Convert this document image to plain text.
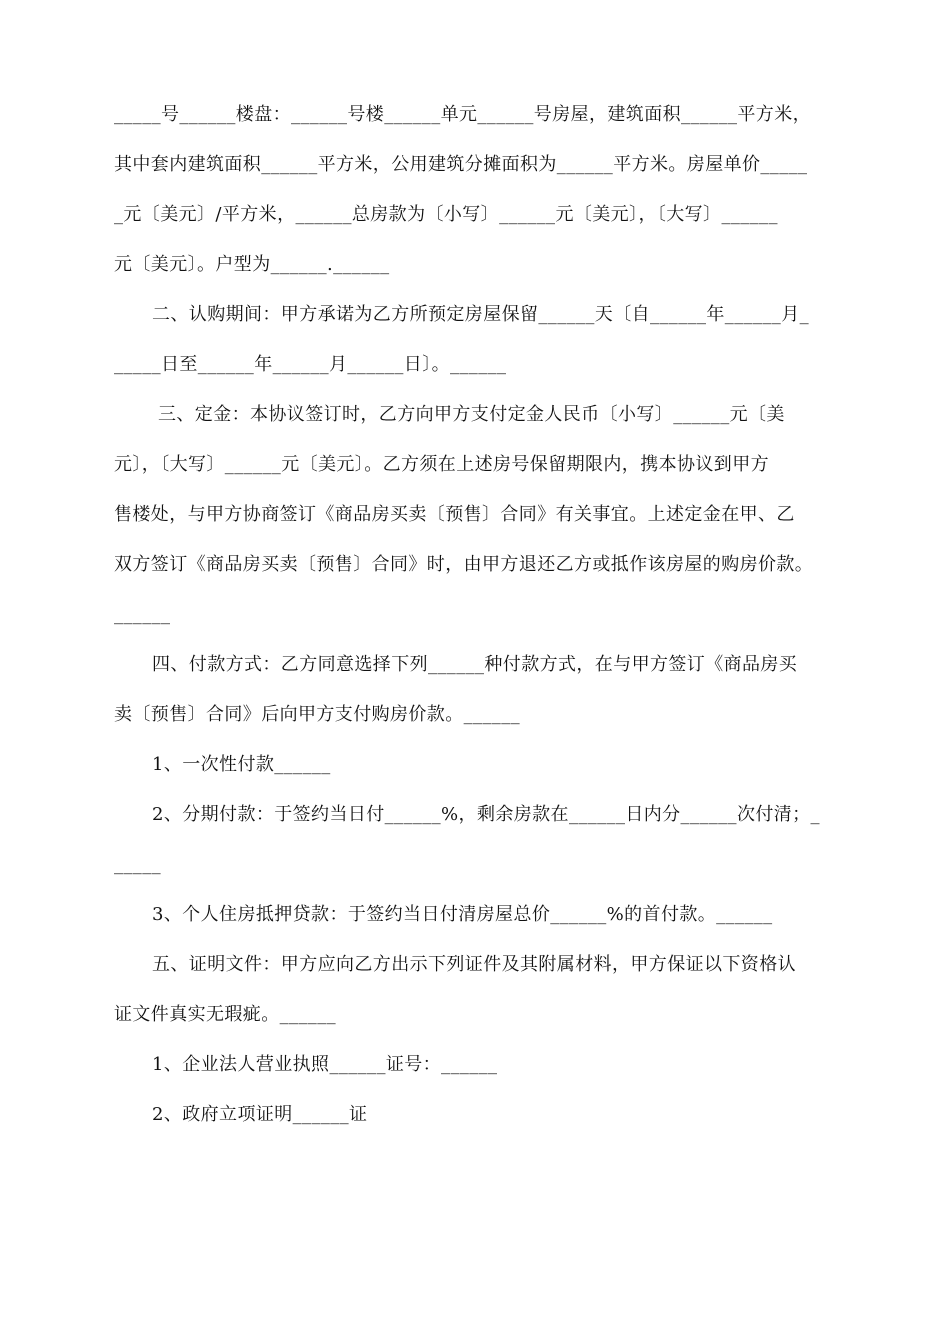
_____号______楼盘：______号楼______单元______号房屋，建筑面积______平方米，
其中套内建筑面积______平方米，公用建筑分摊面积为______平方米。房屋单价_____
_元〔美元〕/平方米，______总房款为〔小写〕______元〔美元〕，〔大写〕______
元〔美元〕。户型为______.______
二、认购期间：甲方承诺为乙方所预定房屋保留______天〔自______年______月_
_____日至______年______月______日〕。______
三、定金：本协议签订时，乙方向甲方支付定金人民币〔小写〕______元〔美
元〕，〔大写〕______元〔美元〕。乙方须在上述房号保留期限内，携本协议到甲方
售楼处，与甲方协商签订《商品房买卖〔预售〕合同》有关事宜。上述定金在甲、乙
双方签订《商品房买卖〔预售〕合同》时，由甲方退还乙方或抵作该房屋的购房价款。
______
四、付款方式：乙方同意选择下列______种付款方式，在与甲方签订《商品房买
卖〔预售〕合同》后向甲方支付购房价款。______
1、一次性付款______
2、分期付款：于签约当日付______%，剩余房款在______日内分______次付清；_
_____
3、个人住房抵押贷款：于签约当日付清房屋总价______%的首付款。______
五、证明文件：甲方应向乙方出示下列证件及其附属材料，甲方保证以下资格认
证文件真实无瑕疵。______
1、企业法人营业执照______证号：______
2、政府立项证明______证
